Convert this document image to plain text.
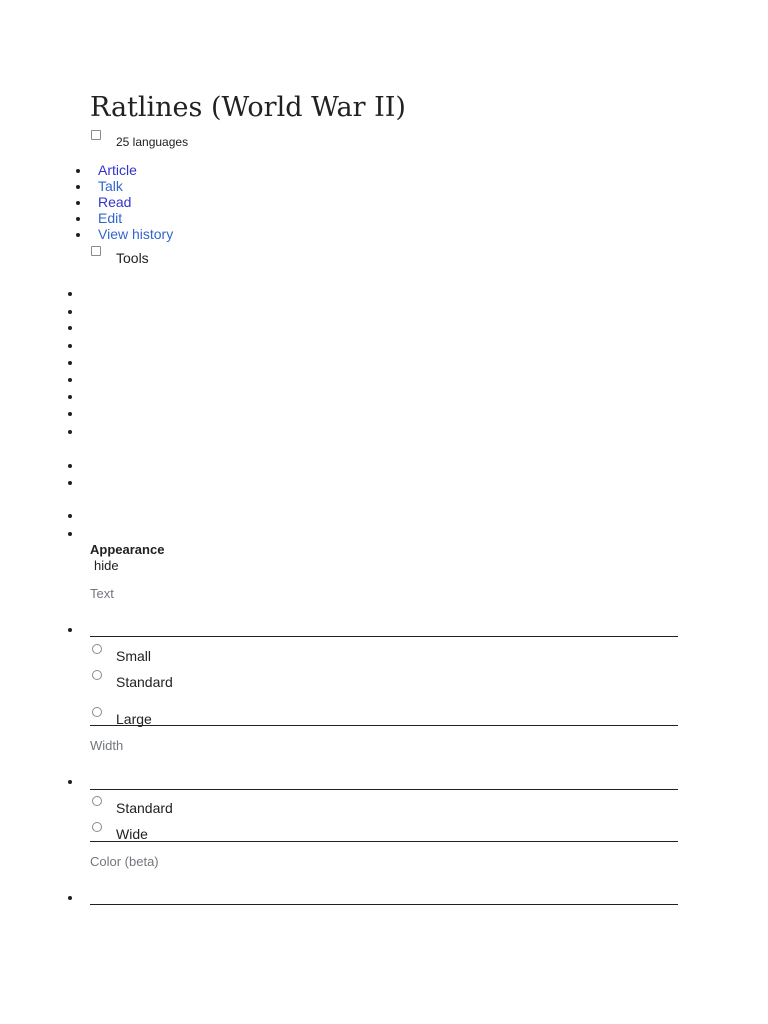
Ratlines (World War II)
25 languages
Article
Talk
Read
Edit
View history
Tools
Appearance
hide
Text
Small
Standard
Large
Width
Standard
Wide
Color (beta)
